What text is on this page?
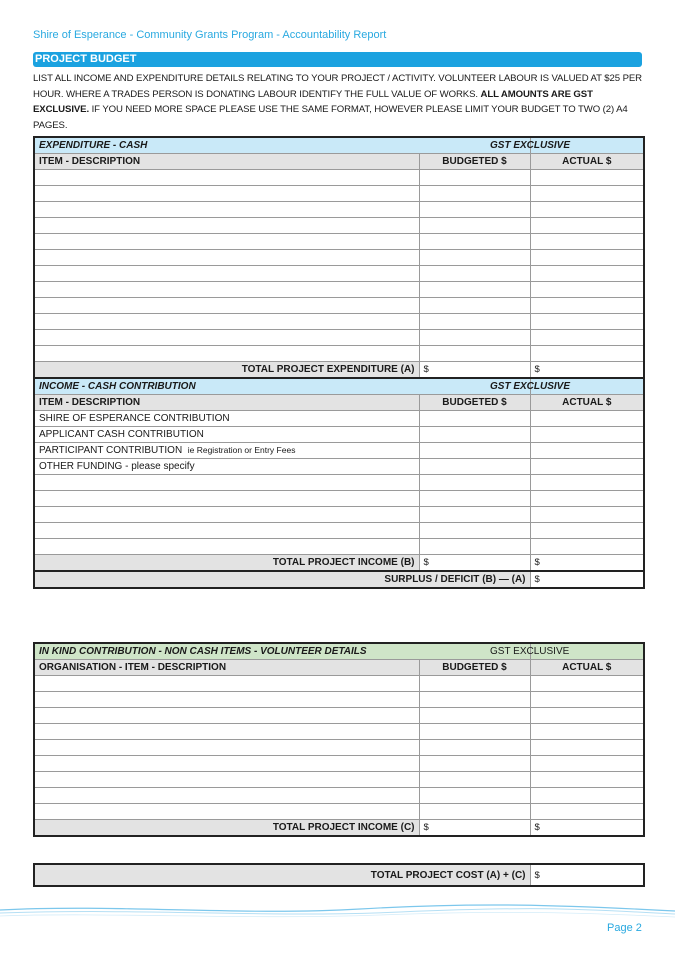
Shire of Esperance - Community Grants Program - Accountability Report
PROJECT BUDGET
LIST ALL INCOME AND EXPENDITURE DETAILS RELATING TO YOUR PROJECT / ACTIVITY. VOLUNTEER LABOUR IS VALUED AT $25 PER HOUR. WHERE A TRADES PERSON IS DONATING LABOUR IDENTIFY THE FULL VALUE OF WORKS. ALL AMOUNTS ARE GST EXCLUSIVE. IF YOU NEED MORE SPACE PLEASE USE THE SAME FORMAT, HOWEVER PLEASE LIMIT YOUR BUDGET TO TWO (2) A4 PAGES.
EXPENDITURE - CASH GST EXCLUSIVE		

ITEM - DESCRIPTION	BUDGETED $	ACTUAL $

TOTAL PROJECT EXPENDITURE (A)	$	$
INCOME - CASH CONTRIBUTION GST EXCLUSIVE		

ITEM - DESCRIPTION	BUDGETED $	ACTUAL $
SHIRE OF ESPERANCE CONTRIBUTION		
APPLICANT CASH CONTRIBUTION		
PARTICIPANT CONTRIBUTION ie Registration or Entry Fees		
OTHER FUNDING - please specify		

TOTAL PROJECT INCOME (B)	$	$
SURPLUS / DEFICIT (B) — (A)		$
IN KIND CONTRIBUTION - NON CASH ITEMS - VOLUNTEER DETAILS GST EXCLUSIVE		

ORGANISATION - ITEM - DESCRIPTION	BUDGETED $	ACTUAL $

TOTAL PROJECT INCOME (C)	$	$
TOTAL PROJECT COST (A) + (C)	$
Page 2
